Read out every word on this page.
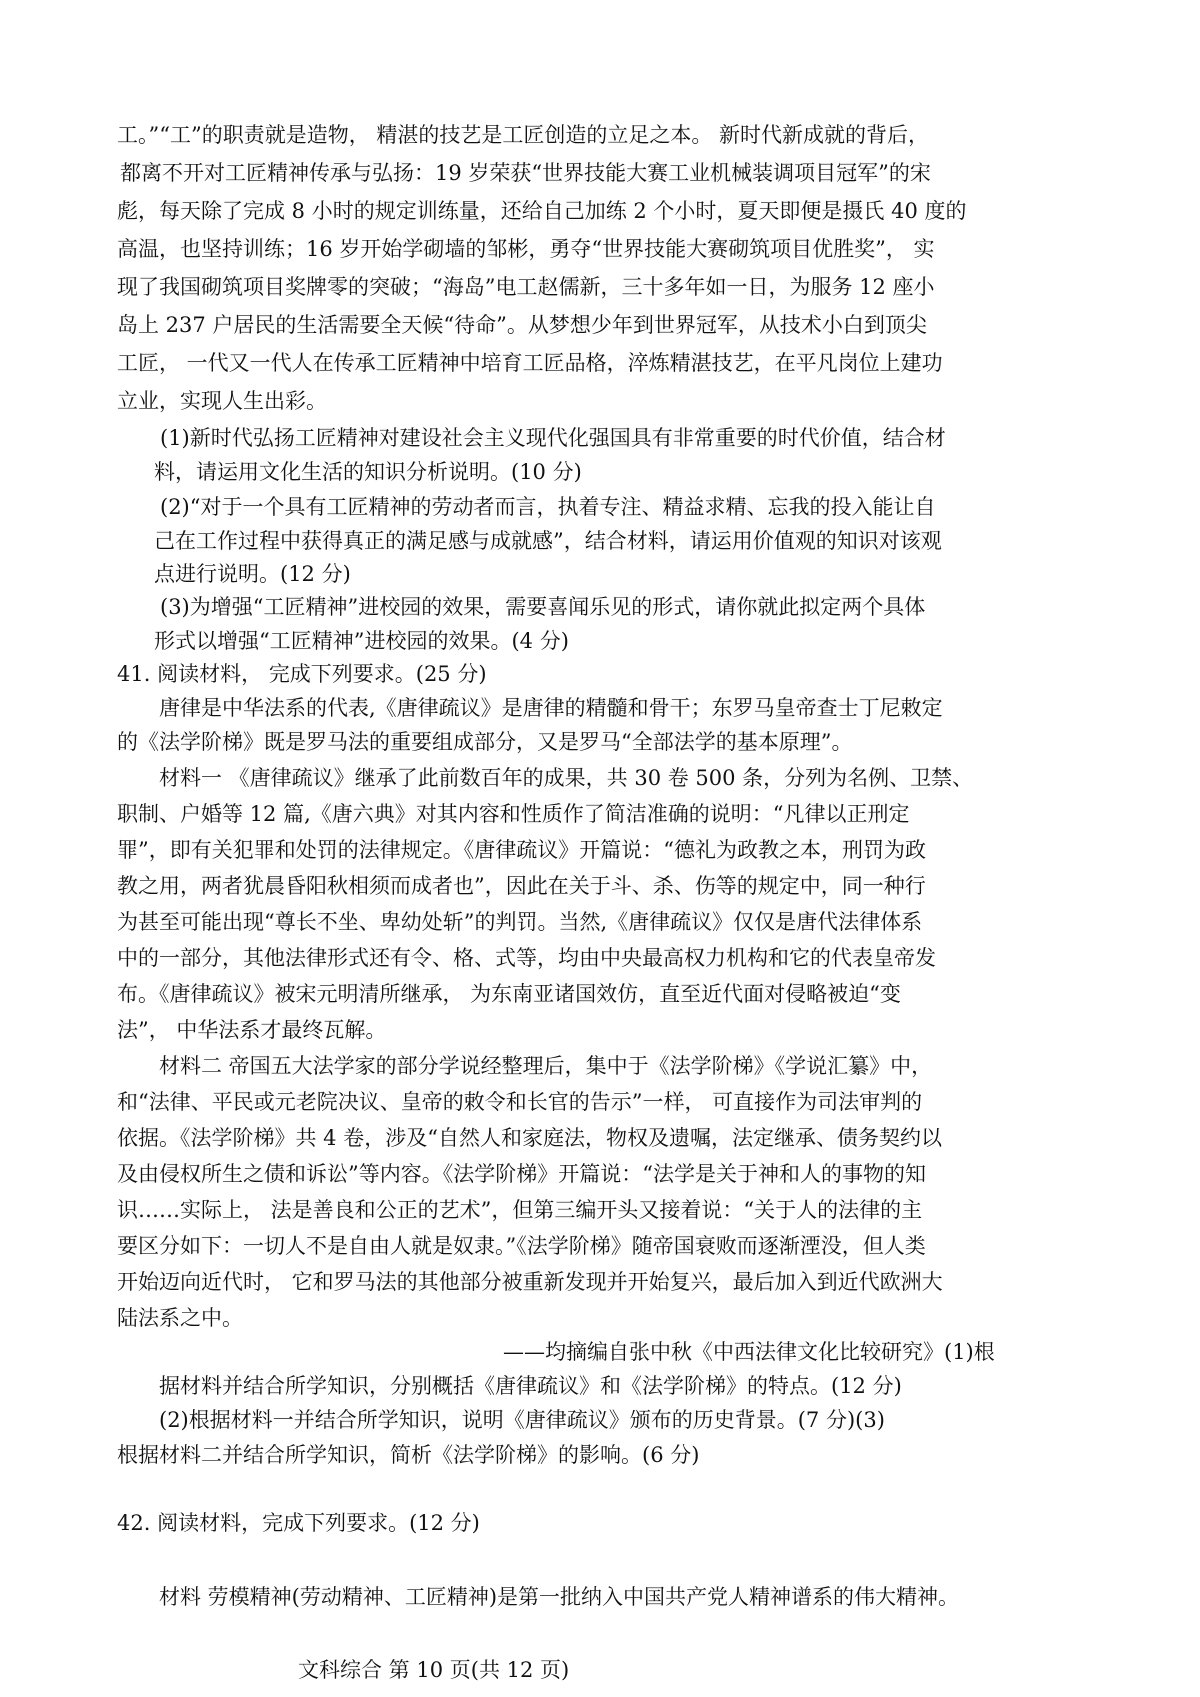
工。”“工”的职责就是造物， 精湛的技艺是工匠创造的立足之本。 新时代新成就的背后，
都离不开对工匠精神传承与弘扬：19 岁荣获“世界技能大赛工业机械装调项目冠军”的宋
彪，每天除了完成 8 小时的规定训练量，还给自己加练 2 个小时，夏天即便是摄氏 40 度的
高温，也坚持训练；16 岁开始学砌墙的邹彬，勇夺“世界技能大赛砌筑项目优胜奖”， 实
现了我国砌筑项目奖牌零的突破；“海岛”电工赵儒新，三十多年如一日，为服务 12 座小
岛上 237 户居民的生活需要全天候“待命”。从梦想少年到世界冠军，从技术小白到顶尖
工匠， 一代又一代人在传承工匠精神中培育工匠品格，淬炼精湛技艺，在平凡岗位上建功
立业，实现人生出彩。
(1)新时代弘扬工匠精神对建设社会主义现代化强国具有非常重要的时代价值，结合材
料，请运用文化生活的知识分析说明。(10 分)
(2)“对于一个具有工匠精神的劳动者而言，执着专注、精益求精、忘我的投入能让自
己在工作过程中获得真正的满足感与成就感”，结合材料，请运用价值观的知识对该观
点进行说明。(12 分)
(3)为增强“工匠精神”进校园的效果，需要喜闻乐见的形式，请你就此拟定两个具体
形式以增强“工匠精神”进校园的效果。(4 分)
41. 阅读材料， 完成下列要求。(25 分)
唐律是中华法系的代表,《唐律疏议》是唐律的精髓和骨干；东罗马皇帝查士丁尼敕定
的《法学阶梯》既是罗马法的重要组成部分，又是罗马“全部法学的基本原理”。
材料一 《唐律疏议》继承了此前数百年的成果，共 30 卷 500 条，分列为名例、卫禁、
职制、户婚等 12 篇,《唐六典》对其内容和性质作了简洁准确的说明：“凡律以正刑定
罪”，即有关犯罪和处罚的法律规定。《唐律疏议》开篇说：“德礼为政教之本，刑罚为政
教之用，两者犹晨昏阳秋相须而成者也”，因此在关于斗、杀、伤等的规定中，同一种行
为甚至可能出现“尊长不坐、卑幼处斩”的判罚。当然,《唐律疏议》仅仅是唐代法律体系
中的一部分，其他法律形式还有令、格、式等，均由中央最高权力机构和它的代表皇帝发
布。《唐律疏议》被宋元明清所继承， 为东南亚诸国效仿，直至近代面对侵略被迫“变
法”， 中华法系才最终瓦解。
材料二 帝国五大法学家的部分学说经整理后，集中于《法学阶梯》《学说汇纂》中，
和“法律、平民或元老院决议、皇帝的敕令和长官的告示”一样， 可直接作为司法审判的
依据。《法学阶梯》共 4 卷，涉及“自然人和家庭法，物权及遗嘱，法定继承、债务契约以
及由侵权所生之债和诉讼”等内容。《法学阶梯》开篇说：“法学是关于神和人的事物的知
识……实际上， 法是善良和公正的艺术”，但第三编开头又接着说：“关于人的法律的主
要区分如下：一切人不是自由人就是奴隶。”《法学阶梯》随帝国衰败而逐渐湮没，但人类
开始迈向近代时， 它和罗马法的其他部分被重新发现并开始复兴，最后加入到近代欧洲大
陆法系之中。
——均摘编自张中秋《中西法律文化比较研究》(1)根
据材料并结合所学知识，分别概括《唐律疏议》和《法学阶梯》的特点。(12 分)
(2)根据材料一并结合所学知识，说明《唐律疏议》颁布的历史背景。(7 分)(3)
根据材料二并结合所学知识，简析《法学阶梯》的影响。(6 分)
42. 阅读材料，完成下列要求。(12 分)
材料 劳模精神(劳动精神、工匠精神)是第一批纳入中国共产党人精神谱系的伟大精神。
文科综合 第 10 页(共 12 页)
